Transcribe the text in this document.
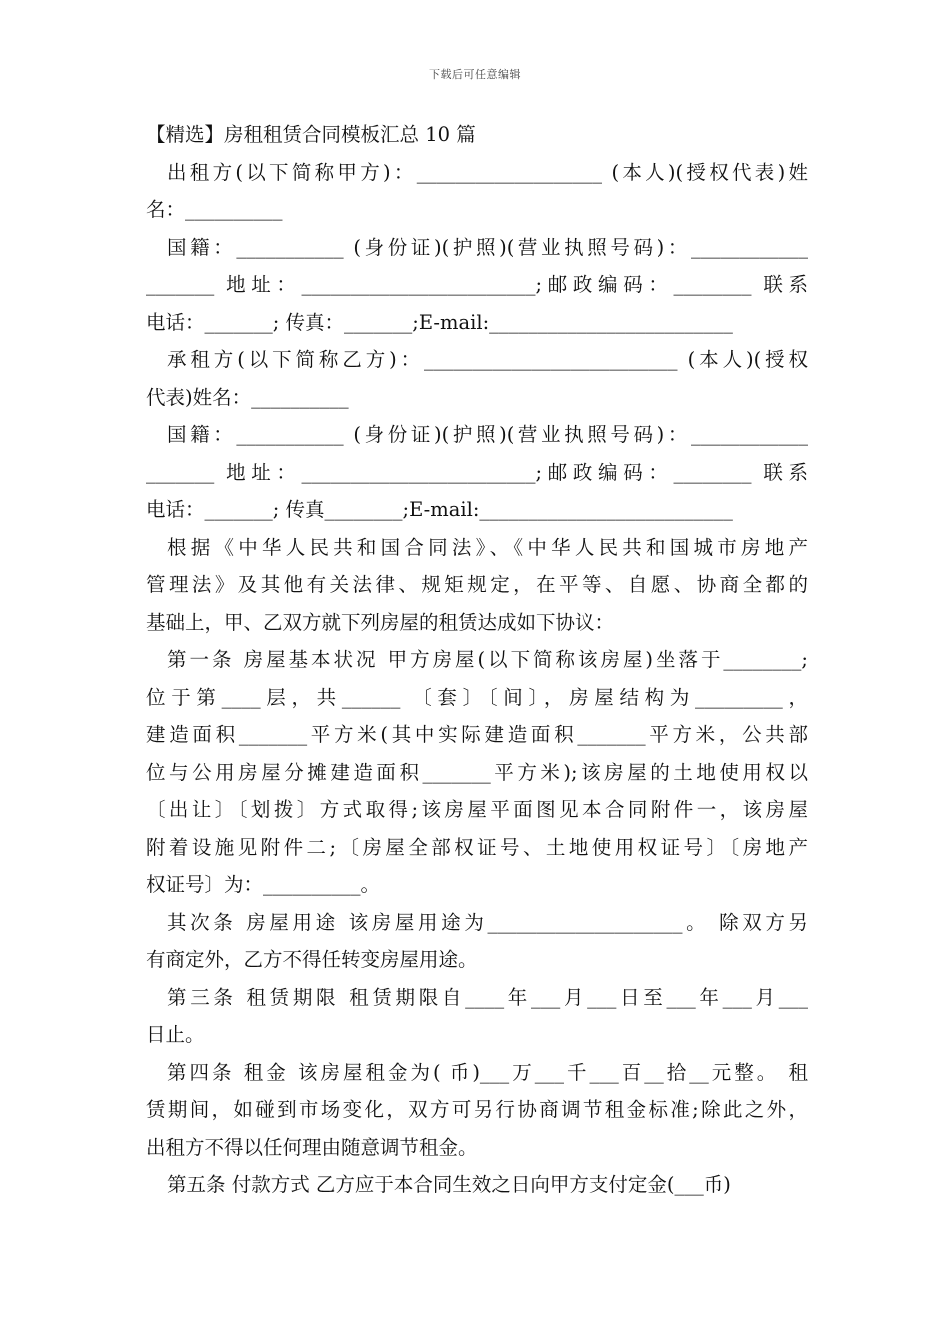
下载后可任意编辑
【精选】房租租赁合同模板汇总 10 篇
出租方(以下简称甲方)：___________________ (本人)(授权代表)姓
名：__________
国籍：___________ (身份证)(护照)(营业执照号码)：____________
_______ 地址：________________________;邮政编码：________ 联系
电话：_______; 传真：_______;E-mail:_________________________
承租方(以下简称乙方)：__________________________ (本人)(授权
代表)姓名：__________
国籍：___________ (身份证)(护照)(营业执照号码)：____________
_______ 地址：________________________;邮政编码：________ 联系
电话：_______; 传真________;E-mail:__________________________
根据《中华人民共和国合同法》、《中华人民共和国城市房地产
管理法》及其他有关法律、规矩规定，在平等、自愿、协商全都的
基础上，甲、乙双方就下列房屋的租赁达成如下协议：
第一条 房屋基本状况 甲方房屋(以下简称该房屋)坐落于________;
位于第____层，共______ 〔套〕〔间〕，房屋结构为_________，
建造面积_______平方米(其中实际建造面积_______平方米，公共部
位与公用房屋分摊建造面积_______平方米);该房屋的土地使用权以
〔出让〕〔划拨〕方式取得;该房屋平面图见本合同附件一，该房屋
附着设施见附件二;〔房屋全部权证号、土地使用权证号〕〔房地产
权证号〕为：__________。
其次条 房屋用途 该房屋用途为____________________。 除双方另
有商定外，乙方不得任转变房屋用途。
第三条 租赁期限 租赁期限自____年___月___日至___年___月___
日止。
第四条 租金 该房屋租金为( 币)___万___千___百__拾__元整。 租
赁期间，如碰到市场变化，双方可另行协商调节租金标准;除此之外，
出租方不得以任何理由随意调节租金。
第五条 付款方式 乙方应于本合同生效之日向甲方支付定金(___币)
